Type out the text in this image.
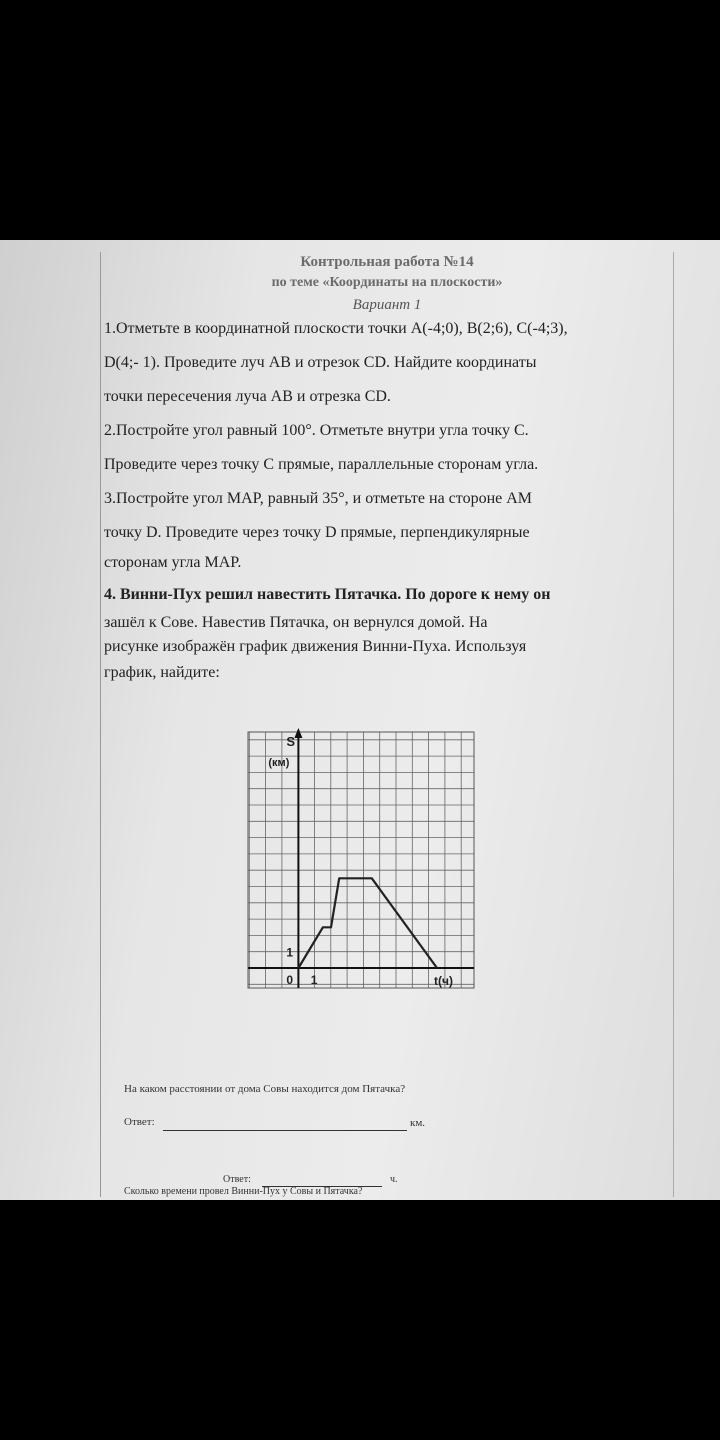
Контрольная работа №14
по теме «Координаты на плоскости»
Вариант 1
1.Отметьте в координатной плоскости точки A(-4;0), B(2;6), C(-4;3),
D(4;- 1). Проведите луч AB и отрезок CD. Найдите координаты
точки пересечения луча AB и отрезка CD.
2.Постройте угол равный 100°. Отметьте внутри угла точку C.
Проведите через точку C прямые, параллельные сторонам угла.
3.Постройте угол MAP, равный 35°, и отметьте на стороне AM
точку D. Проведите через точку D прямые, перпендикулярные
сторонам угла MAP.
4. Винни-Пух решил навестить Пятачка. По дороге к нему он
зашёл к Сове. Навестив Пятачка, он вернулся домой. На
рисунке изображён график движения Винни-Пуха. Используя
график, найдите:
S
(км)
t(ч)
0 1
1
На каком расстоянии от дома Совы находится дом Пятачка?
Ответ:	км.
Сколько времени провел Винни-Пух у Совы и Пятачка?
Ответ:	ч.
